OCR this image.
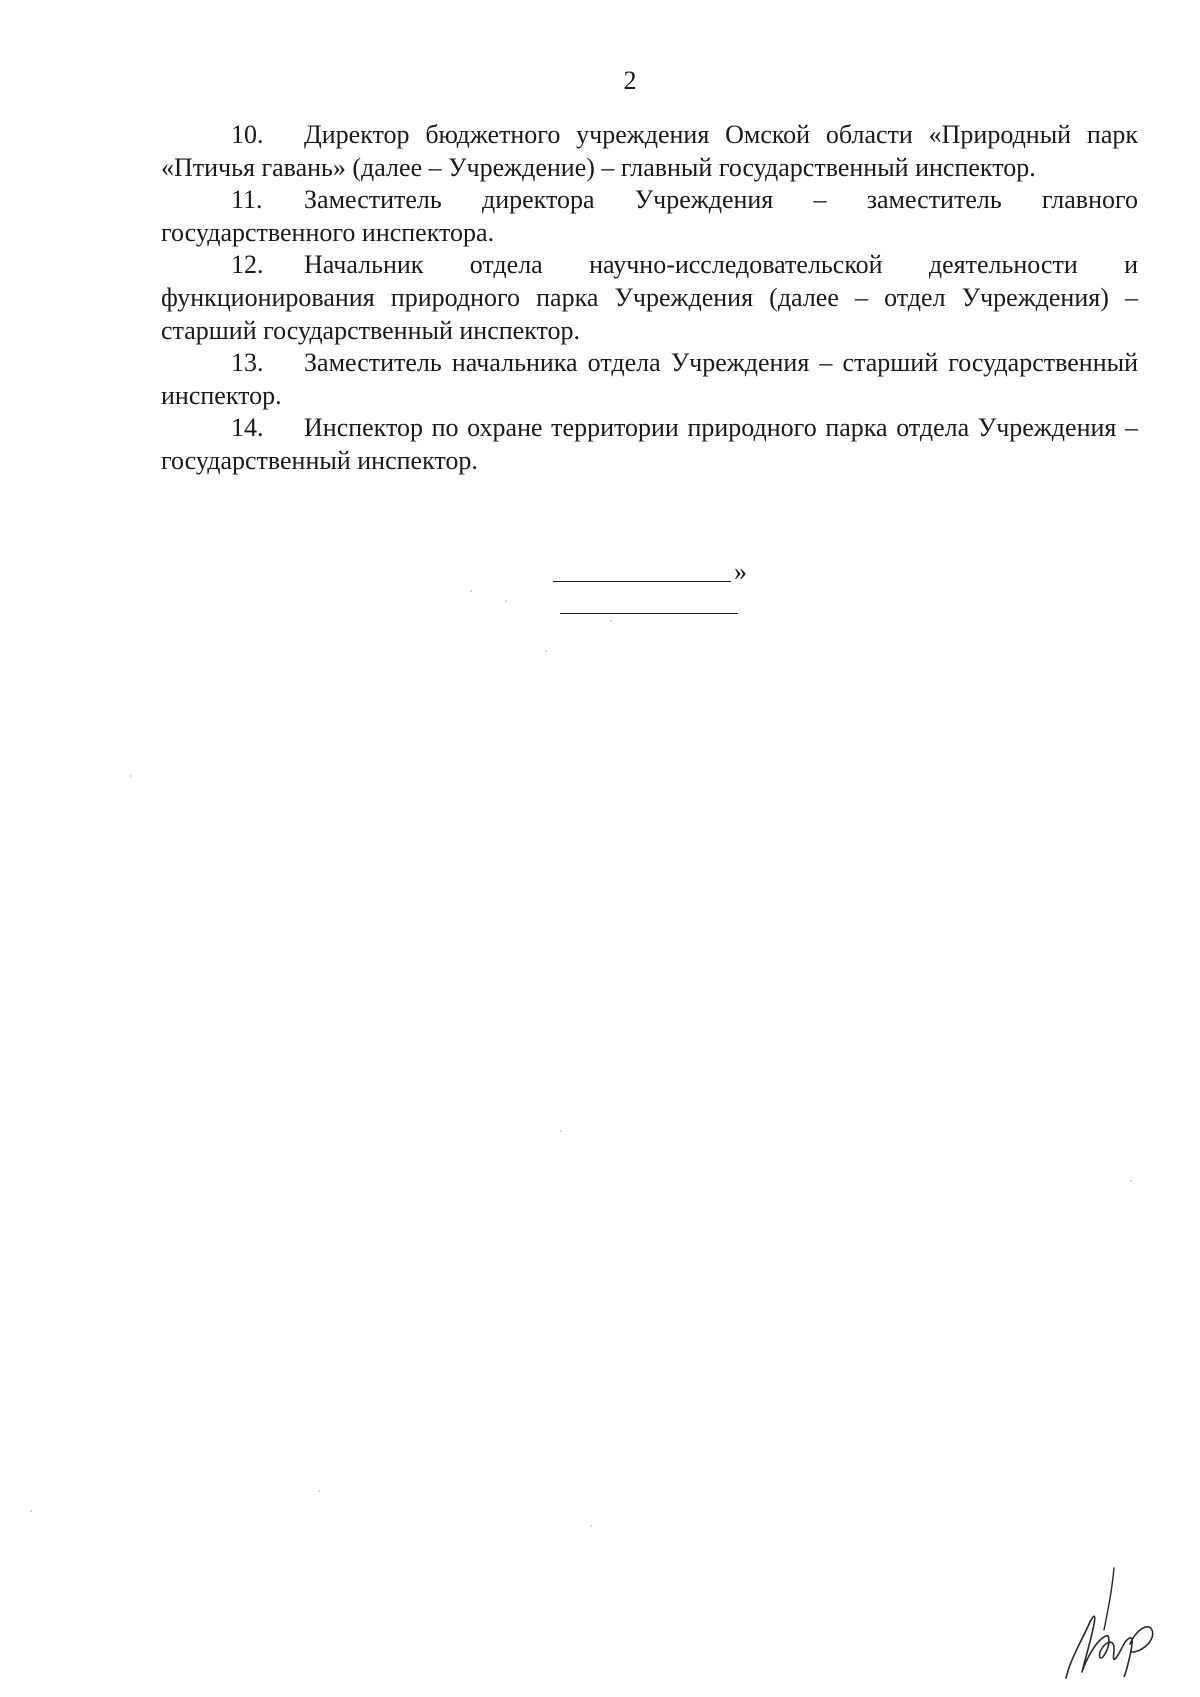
2

10. Директор бюджетного учреждения Омской области «Природный парк «Птичья гавань» (далее – Учреждение) – главный государственный инспектор.

11. Заместитель директора Учреждения – заместитель главного государственного инспектора.

12. Начальник отдела научно-исследовательской деятельности и функционирования природного парка Учреждения (далее – отдел Учреждения) – старший государственный инспектор.

13. Заместитель начальника отдела Учреждения – старший государственный инспектор.

14. Инспектор по охране территории природного парка отдела Учреждения – государственный инспектор.

»
